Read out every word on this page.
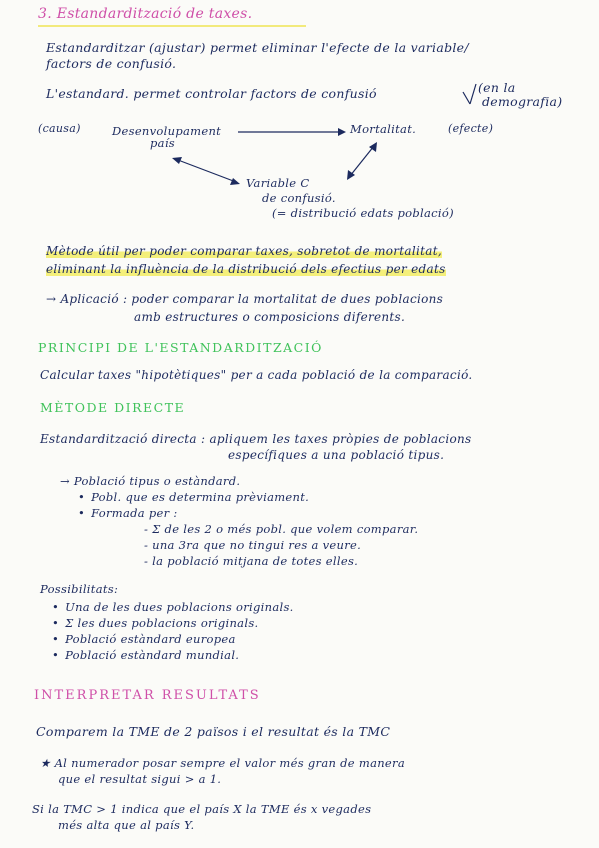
3. Estandardització de taxes.
Estandarditzar (ajustar) permet eliminar l'efecte de la variable/
factors de confusió.
L'estandard. permet controlar factors de confusió	(en la
demografia)
(causa)	Desenvolupament
país
Mortalitat.	(efecte)
Variable C
de confusió.
(= distribució edats població)
Mètode útil per poder comparar taxes, sobretot de mortalitat,
eliminant la influència de la distribució dels efectius per edats
→ Aplicació : poder comparar la mortalitat de dues poblacions
amb estructures o composicions diferents.
PRINCIPI DE L'ESTANDARDITZACIÓ
Calcular taxes "hipotètiques" per a cada població de la comparació.
MÈTODE DIRECTE
Estandardització directa : apliquem les taxes pròpies de poblacions
específiques a una població tipus.
→ Població tipus o estàndard.
• Pobl. que es determina prèviament.
• Formada per :
- Σ de les 2 o més pobl. que volem comparar.
- una 3ra que no tingui res a veure.
- la població mitjana de totes elles.
Possibilitats:
• Una de les dues poblacions originals.
• Σ les dues poblacions originals.
• Població estàndard europea
• Població estàndard mundial.
INTERPRETAR RESULTATS
Comparem la TME de 2 països i el resultat és la TMC
★ Al numerador posar sempre el valor més gran de manera
que el resultat sigui > a 1.
Si la TMC > 1 indica que el país X la TME és x vegades
més alta que al país Y.
